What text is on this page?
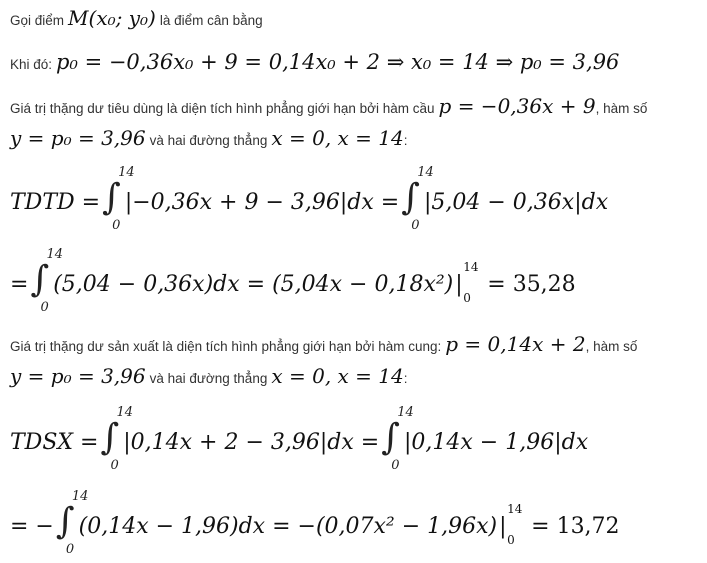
Gọi điểm M(x₀; y₀) là điểm cân bằng
Khi đó: p₀ = −0,36x₀ + 9 = 0,14x₀ + 2 ⇒ x₀ = 14 ⇒ p₀ = 3,96
Giá trị thặng dư tiêu dùng là diện tích hình phẳng giới hạn bởi hàm cầu p = −0,36x + 9 , hàm số
y = p₀ = 3,96 và hai đường thẳng x = 0, x = 14 :
TDTD = ∫
14
0
|−0,36x + 9 − 3,96|dx = ∫
14
0
|5,04 − 0,36x|dx
= ∫
14
0
(5,04 − 0,36x)dx = (5,04x − 0,18x²) |
14
0
= 35,28
Giá trị thặng dư sản xuất là diện tích hình phẳng giới hạn bởi hàm cung: p = 0,14x + 2 , hàm số
y = p₀ = 3,96 và hai đường thẳng x = 0, x = 14 :
TDSX = ∫
14
0
|0,14x + 2 − 3,96|dx = ∫
14
0
|0,14x − 1,96|dx
= − ∫
14
0
(0,14x − 1,96)dx = −(0,07x² − 1,96x) |
14
0
= 13,72
